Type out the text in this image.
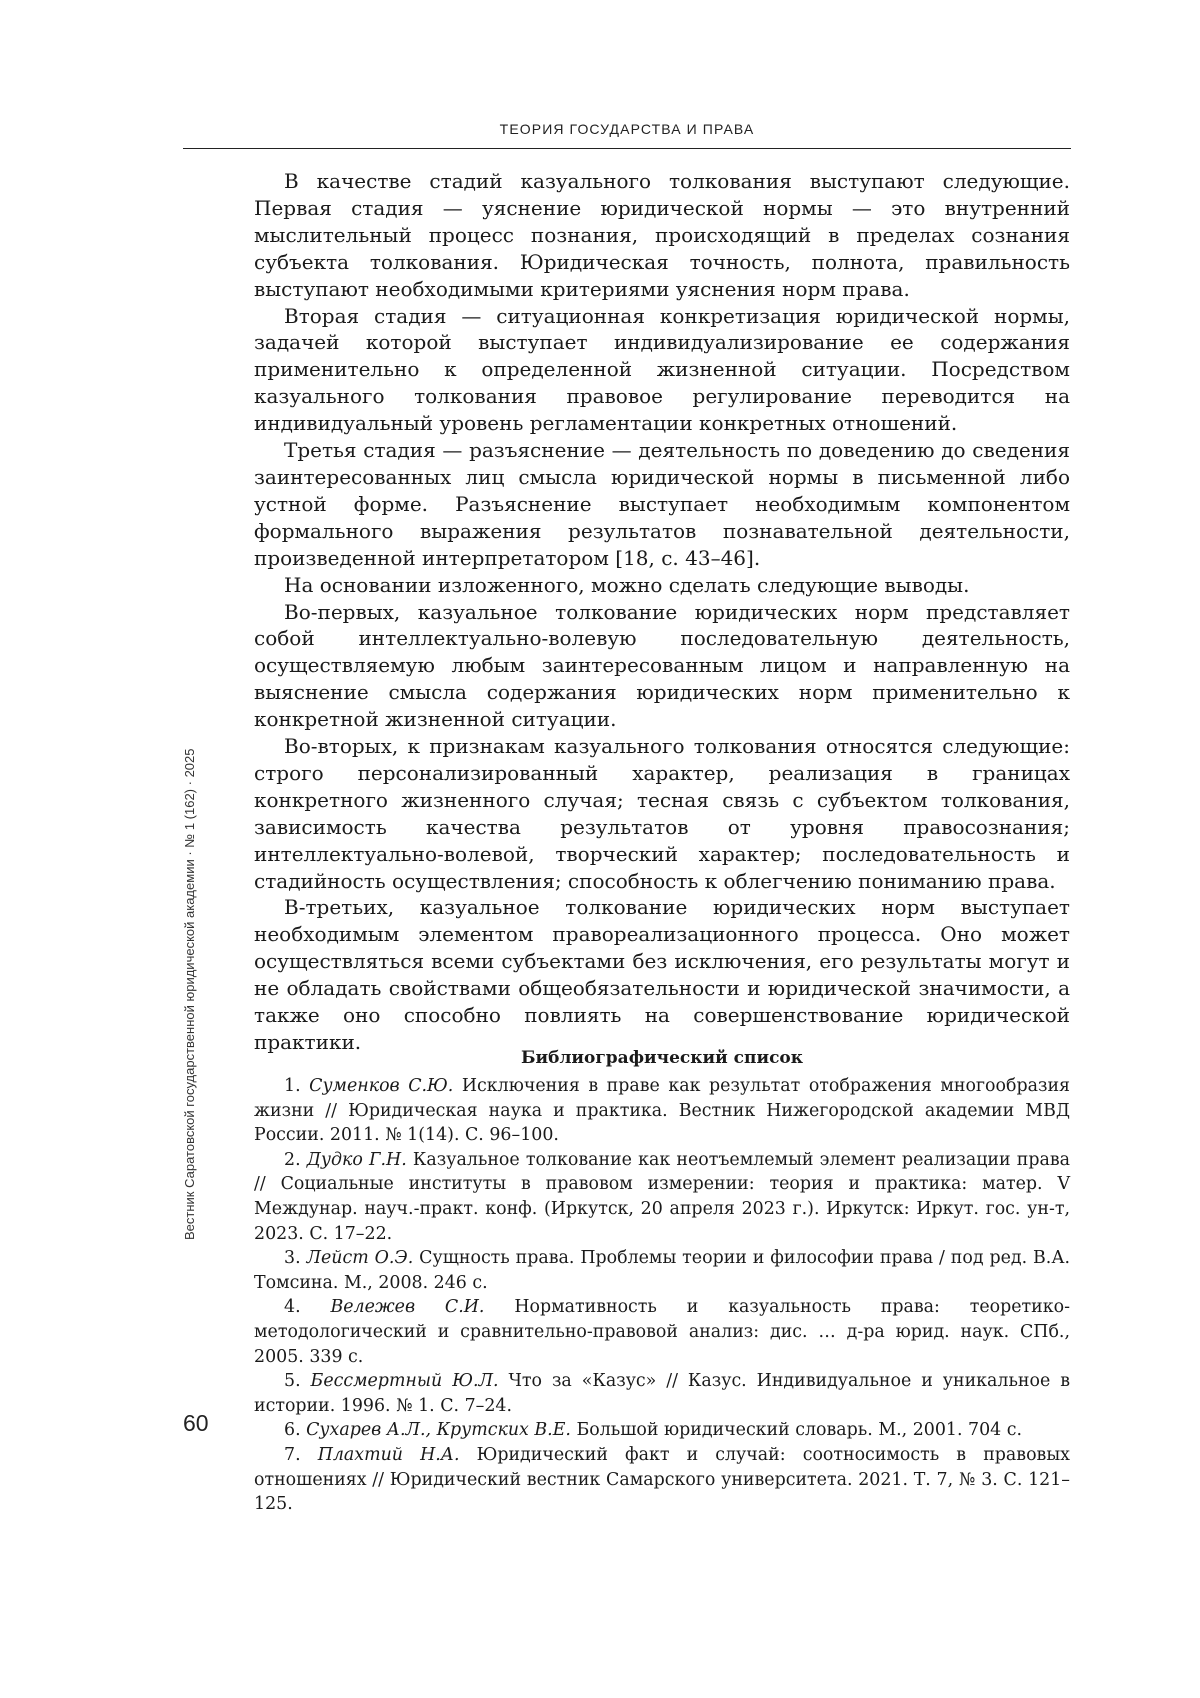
ТЕОРИЯ ГОСУДАРСТВА И ПРАВА
Вестник Саратовской государственной юридической академии · № 1 (162) · 2025

В качестве стадий казуального толкования выступают следующие. Первая стадия — уяснение юридической нормы — это внутренний мыслительный процесс познания, происходящий в пределах сознания субъекта толкования. Юридическая точность, полнота, правильность выступают необходимыми критериями уяснения норм права.

Вторая стадия — ситуационная конкретизация юридической нормы, задачей которой выступает индивидуализирование ее содержания применительно к определенной жизненной ситуации. Посредством казуального толкования правовое регулирование переводится на индивидуальный уровень регламентации конкретных отношений.

Третья стадия — разъяснение — деятельность по доведению до сведения заинтересованных лиц смысла юридической нормы в письменной либо устной форме. Разъяснение выступает необходимым компонентом формального выражения результатов познавательной деятельности, произведенной интерпретатором [18, с. 43–46].

На основании изложенного, можно сделать следующие выводы.

Во-первых, казуальное толкование юридических норм представляет собой интеллектуально-волевую последовательную деятельность, осуществляемую любым заинтересованным лицом и направленную на выяснение смысла содержания юридических норм применительно к конкретной жизненной ситуации.

Во-вторых, к признакам казуального толкования относятся следующие: строго персонализированный характер, реализация в границах конкретного жизненного случая; тесная связь с субъектом толкования, зависимость качества результатов от уровня правосознания; интеллектуально-волевой, творческий характер; последовательность и стадийность осуществления; способность к облегчению пониманию права.

В-третьих, казуальное толкование юридических норм выступает необходимым элементом правореализационного процесса. Оно может осуществляться всеми субъектами без исключения, его результаты могут и не обладать свойствами общеобязательности и юридической значимости, а также оно способно повлиять на совершенствование юридической практики.

Библиографический список

1. Суменков С.Ю. Исключения в праве как результат отображения многообразия жизни // Юридическая наука и практика. Вестник Нижегородской академии МВД России. 2011. № 1(14). С. 96–100.

2. Дудко Г.Н. Казуальное толкование как неотъемлемый элемент реализации права // Социальные институты в правовом измерении: теория и практика: матер. V Междунар. науч.-практ. конф. (Иркутск, 20 апреля 2023 г.). Иркутск: Иркут. гос. ун-т, 2023. С. 17–22.

3. Лейст О.Э. Сущность права. Проблемы теории и философии права / под ред. В.А. Томсина. М., 2008. 246 с.

4. Вележев С.И. Нормативность и казуальность права: теоретико-методологический и сравнительно-правовой анализ: дис. … д-ра юрид. наук. СПб., 2005. 339 с.

5. Бессмертный Ю.Л. Что за «Казус» // Казус. Индивидуальное и уникальное в истории. 1996. № 1. С. 7–24.

6. Сухарев А.Л., Крутских В.Е. Большой юридический словарь. М., 2001. 704 с.

7. Плахтий Н.А. Юридический факт и случай: соотносимость в правовых отношениях // Юридический вестник Самарского университета. 2021. Т. 7, № 3. С. 121–125.

60
